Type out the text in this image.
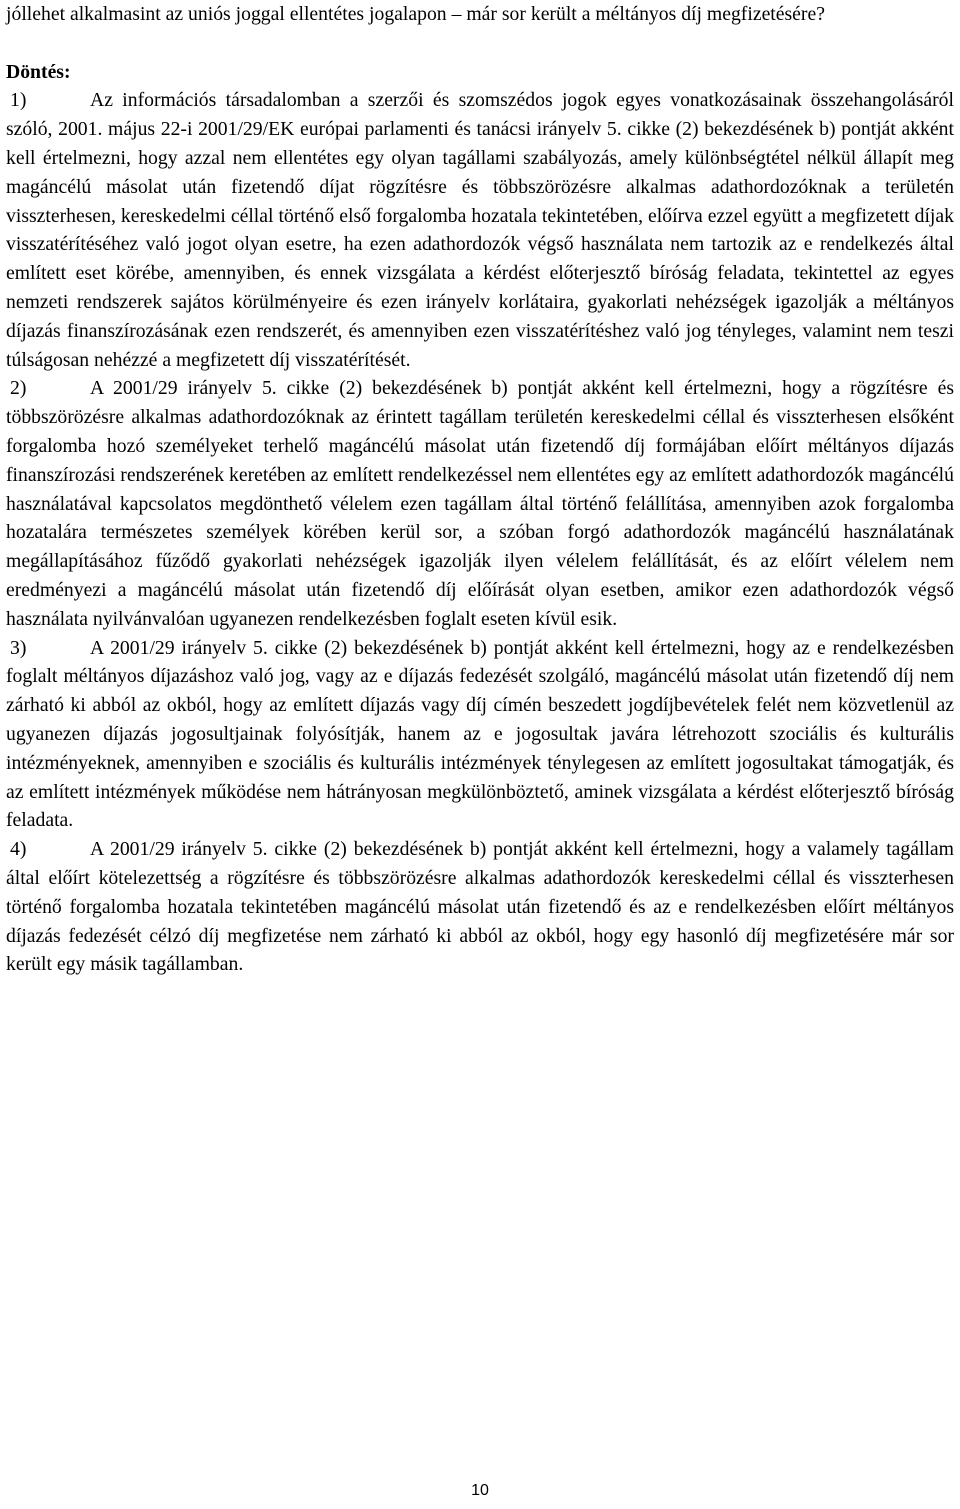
jóllehet alkalmasint az uniós joggal ellentétes jogalapon – már sor került a méltányos díj megfizetésére?

Döntés:

1)	Az információs társadalomban a szerzői és szomszédos jogok egyes vonatkozásainak összehangolásáról szóló, 2001. május 22-i 2001/29/EK európai parlamenti és tanácsi irányelv 5. cikke (2) bekezdésének b) pontját akként kell értelmezni, hogy azzal nem ellentétes egy olyan tagállami szabályozás, amely különbségtétel nélkül állapít meg magáncélú másolat után fizetendő díjat rögzítésre és többszörözésre alkalmas adathordozóknak a területén visszterhesen, kereskedelmi céllal történő első forgalomba hozatala tekintetében, előírva ezzel együtt a megfizetett díjak visszatérítéséhez való jogot olyan esetre, ha ezen adathordozók végső használata nem tartozik az e rendelkezés által említett eset körébe, amennyiben, és ennek vizsgálata a kérdést előterjesztő bíróság feladata, tekintettel az egyes nemzeti rendszerek sajátos körülményeire és ezen irányelv korlátaira, gyakorlati nehézségek igazolják a méltányos díjazás finanszírozásának ezen rendszerét, és amennyiben ezen visszatérítéshez való jog tényleges, valamint nem teszi túlságosan nehézzé a megfizetett díj visszatérítését.

2)	A 2001/29 irányelv 5. cikke (2) bekezdésének b) pontját akként kell értelmezni, hogy a rögzítésre és többszörözésre alkalmas adathordozóknak az érintett tagállam területén kereskedelmi céllal és visszterhesen elsőként forgalomba hozó személyeket terhelő magáncélú másolat után fizetendő díj formájában előírt méltányos díjazás finanszírozási rendszerének keretében az említett rendelkezéssel nem ellentétes egy az említett adathordozók magáncélú használatával kapcsolatos megdönthető vélelem ezen tagállam által történő felállítása, amennyiben azok forgalomba hozatalára természetes személyek körében kerül sor, a szóban forgó adathordozók magáncélú használatának megállapításához fűződő gyakorlati nehézségek igazolják ilyen vélelem felállítását, és az előírt vélelem nem eredményezi a magáncélú másolat után fizetendő díj előírását olyan esetben, amikor ezen adathordozók végső használata nyilvánvalóan ugyanezen rendelkezésben foglalt eseten kívül esik.

3)	A 2001/29 irányelv 5. cikke (2) bekezdésének b) pontját akként kell értelmezni, hogy az e rendelkezésben foglalt méltányos díjazáshoz való jog, vagy az e díjazás fedezését szolgáló, magáncélú másolat után fizetendő díj nem zárható ki abból az okból, hogy az említett díjazás vagy díj címén beszedett jogdíjbevételek felét nem közvetlenül az ugyanezen díjazás jogosultjainak folyósítják, hanem az e jogosultak javára létrehozott szociális és kulturális intézményeknek, amennyiben e szociális és kulturális intézmények ténylegesen az említett jogosultakat támogatják, és az említett intézmények működése nem hátrányosan megkülönböztető, aminek vizsgálata a kérdést előterjesztő bíróság feladata.

4)	A 2001/29 irányelv 5. cikke (2) bekezdésének b) pontját akként kell értelmezni, hogy a valamely tagállam által előírt kötelezettség a rögzítésre és többszörözésre alkalmas adathordozók kereskedelmi céllal és visszterhesen történő forgalomba hozatala tekintetében magáncélú másolat után fizetendő és az e rendelkezésben előírt méltányos díjazás fedezését célzó díj megfizetése nem zárható ki abból az okból, hogy egy hasonló díj megfizetésére már sor került egy másik tagállamban.

10
